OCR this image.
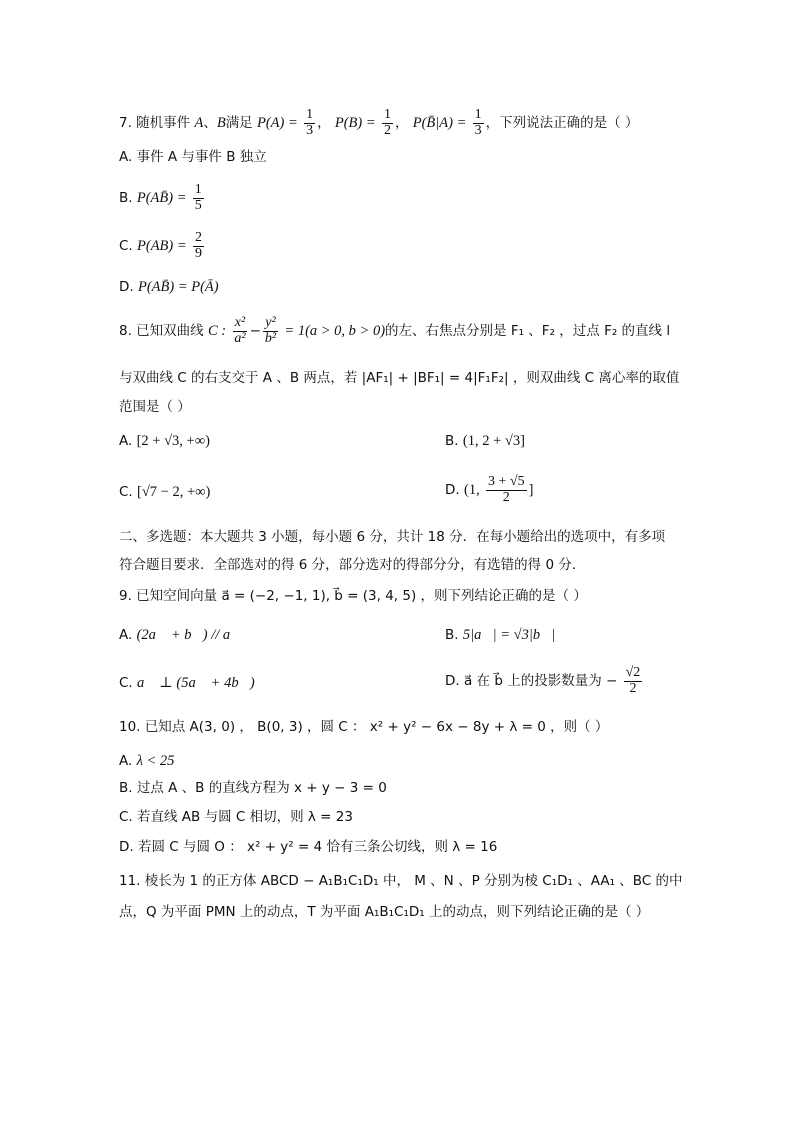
7. 随机事件 A、B满足 $P(A) = \frac{1}{3}$ ， $P(B) = \frac{1}{2}$ ， P(B̄|A) = $\frac{1}{3}$ ，下列说法正确的是（ ）
A. 事件 A 与事件 B 独立
B. P(AB̄) = $\frac{1}{5}$
C. $P(AB) = \frac{2}{9}$
D. P(AB̄) = P(Ā)
8. 已知双曲线 C : $\frac{\text{x²}}{\text{a²}} - \frac{\text{y²}}{\text{b²}} = 1(a > 0$, b > 0)的左、右焦点分别是 F₁ 、F₂ ，过点 F₂ 的直线 l
与双曲线 C 的右支交于 A 、B 两点，若 |AF₁| + |BF₁| = 4|F₁F₂| ，则双曲线 C 离心率的取值
范围是（ ）
A. [2 + √3, +∞)	B. (1, 2 + √3]
C. [√7 − 2, +∞)	D. (1, $\frac{3 + √5}{2}$ ]
二、多选题：本大题共 3 小题，每小题 6 分，共计 18 分．在每小题给出的选项中，有多项
符合题目要求．全部选对的得 6 分，部分选对的得部分分，有选错的得 0 分．
9. 已知空间向量 a⃗ = (−2, −1, 1), b⃗ = (3, 4, 5) ，则下列结论正确的是（ ）
A. (2a⃗ + b⃗) // a⃗	B. 5|a⃗| = √3|b⃗|
C. a⃗ ⊥ (5a⃗ + 4b⃗)	D. a⃗ 在 b⃗ 上的投影数量为 − $\frac{√2}{2}$
10. 已知点 A(3, 0) ， B(0, 3) ，圆 C ： x² + y² − 6x − 8y + λ = 0 ，则（ ）
A. λ < 25
B. 过点 A 、B 的直线方程为 x + y − 3 = 0
C. 若直线 AB 与圆 C 相切，则 λ = 23
D. 若圆 C 与圆 O ： x² + y² = 4 恰有三条公切线，则 λ = 16
11. 棱长为 1 的正方体 ABCD − A₁B₁C₁D₁ 中， M 、N 、P 分别为棱 C₁D₁ 、AA₁ 、BC 的中
点，Q 为平面 PMN 上的动点，T 为平面 A₁B₁C₁D₁ 上的动点，则下列结论正确的是（ ）
